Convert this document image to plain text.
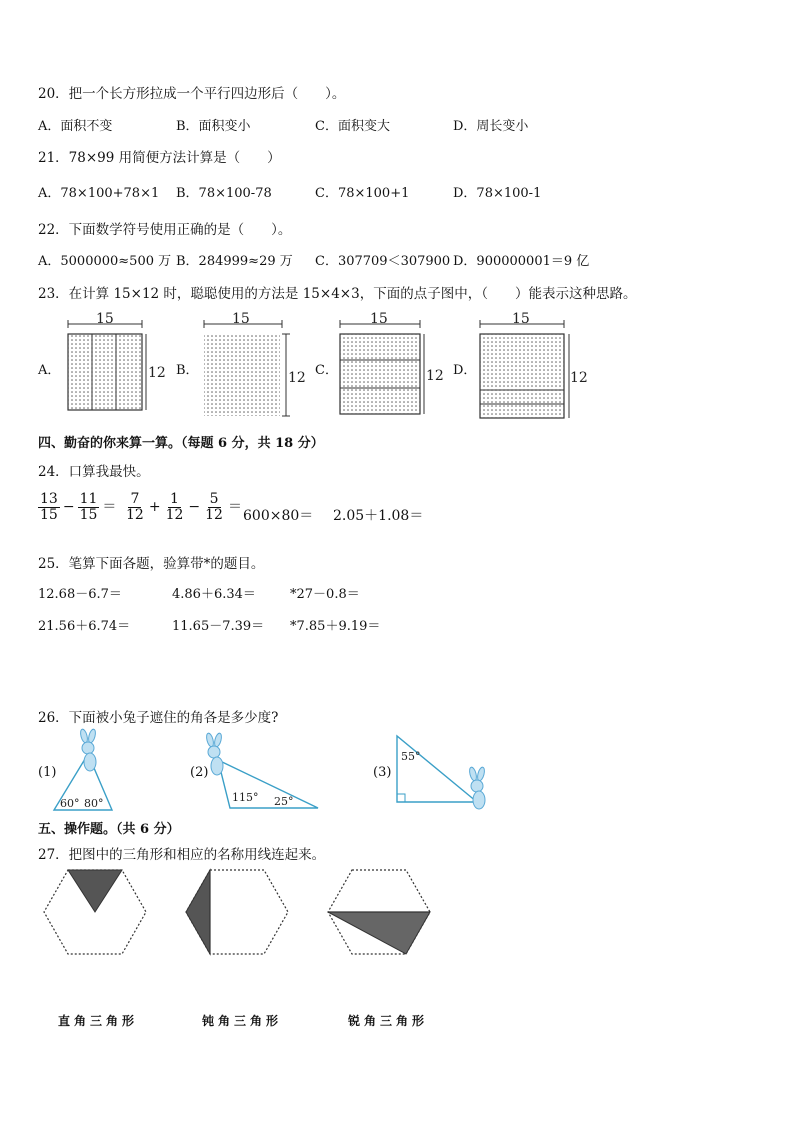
20．把一个长方形拉成一个平行四边形后（　　）。
A．面积不变	B．面积变小	C．面积变大	D．周长变小
21．78×99 用简便方法计算是（　　）
A．78×100+78×1 B．78×100-78	C．78×100+1	D．78×100-1
22．下面数学符号使用正确的是（　　）。
A．5000000≈500 万 B．284999≈29 万 C．307709＜307900 D．900000001＝9 亿
23．在计算 15×12 时，聪聪使用的方法是 15×4×3，下面的点子图中，（　　）能表示这种思路。
A．	B．	C．	D．
15
12
15
12
15
12
15
12
四、勤奋的你来算一算。（每题 6 分，共 18 分）
24．口算我最快。
$\frac{13}{15} - \frac{11}{15} = \frac{7}{12} + \frac{1}{12} - \frac{5}{12}$ ＝
600×80＝ 2.05＋1.08＝
25．笔算下面各题，验算带*的题目。
12.68－6.7＝	4.86＋6.34＝	*27－0.8＝
21.56＋6.74＝	11.65－7.39＝ *7.85＋9.19＝
26．下面被小兔子遮住的角各是多少度?
(1)
60° 80°
(2)
115° 25°
(3)
55°
五、操作题。（共 6 分）
27．把图中的三角形和相应的名称用线连起来。
直角三角形	钝角三角形	锐角三角形
